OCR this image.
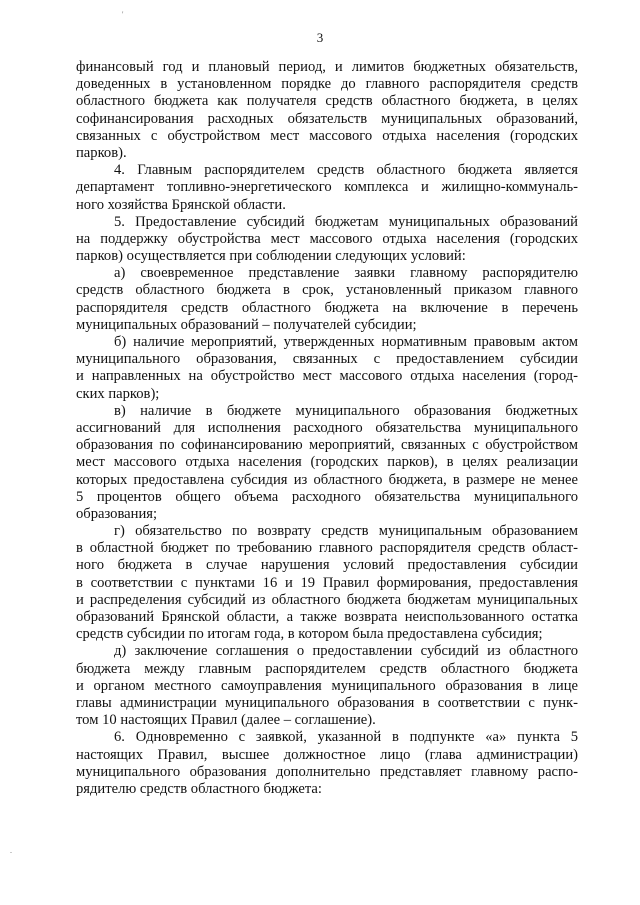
'
3
финансовый год и плановый период, и лимитов бюджетных обязательств,
доведенных в установленном порядке до главного распорядителя средств
областного бюджета как получателя средств областного бюджета, в целях
софинансирования расходных обязательств муниципальных образований,
связанных с обустройством мест массового отдыха населения (городских
парков).
4. Главным распорядителем средств областного бюджета является
департамент топливно-энергетического комплекса и жилищно-коммуналь-
ного хозяйства Брянской области.
5. Предоставление субсидий бюджетам муниципальных образований
на поддержку обустройства мест массового отдыха населения (городских
парков) осуществляется при соблюдении следующих условий:
а) своевременное представление заявки главному распорядителю
средств областного бюджета в срок, установленный приказом главного
распорядителя средств областного бюджета на включение в перечень
муниципальных образований – получателей субсидии;
б) наличие мероприятий, утвержденных нормативным правовым актом
муниципального образования, связанных с предоставлением субсидии
и направленных на обустройство мест массового отдыха населения (город-
ских парков);
в) наличие в бюджете муниципального образования бюджетных
ассигнований для исполнения расходного обязательства муниципального
образования по софинансированию мероприятий, связанных с обустройством
мест массового отдыха населения (городских парков), в целях реализации
которых предоставлена субсидия из областного бюджета, в размере не менее
5 процентов общего объема расходного обязательства муниципального
образования;
г) обязательство по возврату средств муниципальным образованием
в областной бюджет по требованию главного распорядителя средств област-
ного бюджета в случае нарушения условий предоставления субсидии
в соответствии с пунктами 16 и 19 Правил формирования, предоставления
и распределения субсидий из областного бюджета бюджетам муниципальных
образований Брянской области, а также возврата неиспользованного остатка
средств субсидии по итогам года, в котором была предоставлена субсидия;
д) заключение соглашения о предоставлении субсидий из областного
бюджета между главным распорядителем средств областного бюджета
и органом местного самоуправления муниципального образования в лице
главы администрации муниципального образования в соответствии с пунк-
том 10 настоящих Правил (далее – соглашение).
6. Одновременно с заявкой, указанной в подпункте «а» пункта 5
настоящих Правил, высшее должностное лицо (глава администрации)
муниципального образования дополнительно представляет главному распо-
рядителю средств областного бюджета:
.
